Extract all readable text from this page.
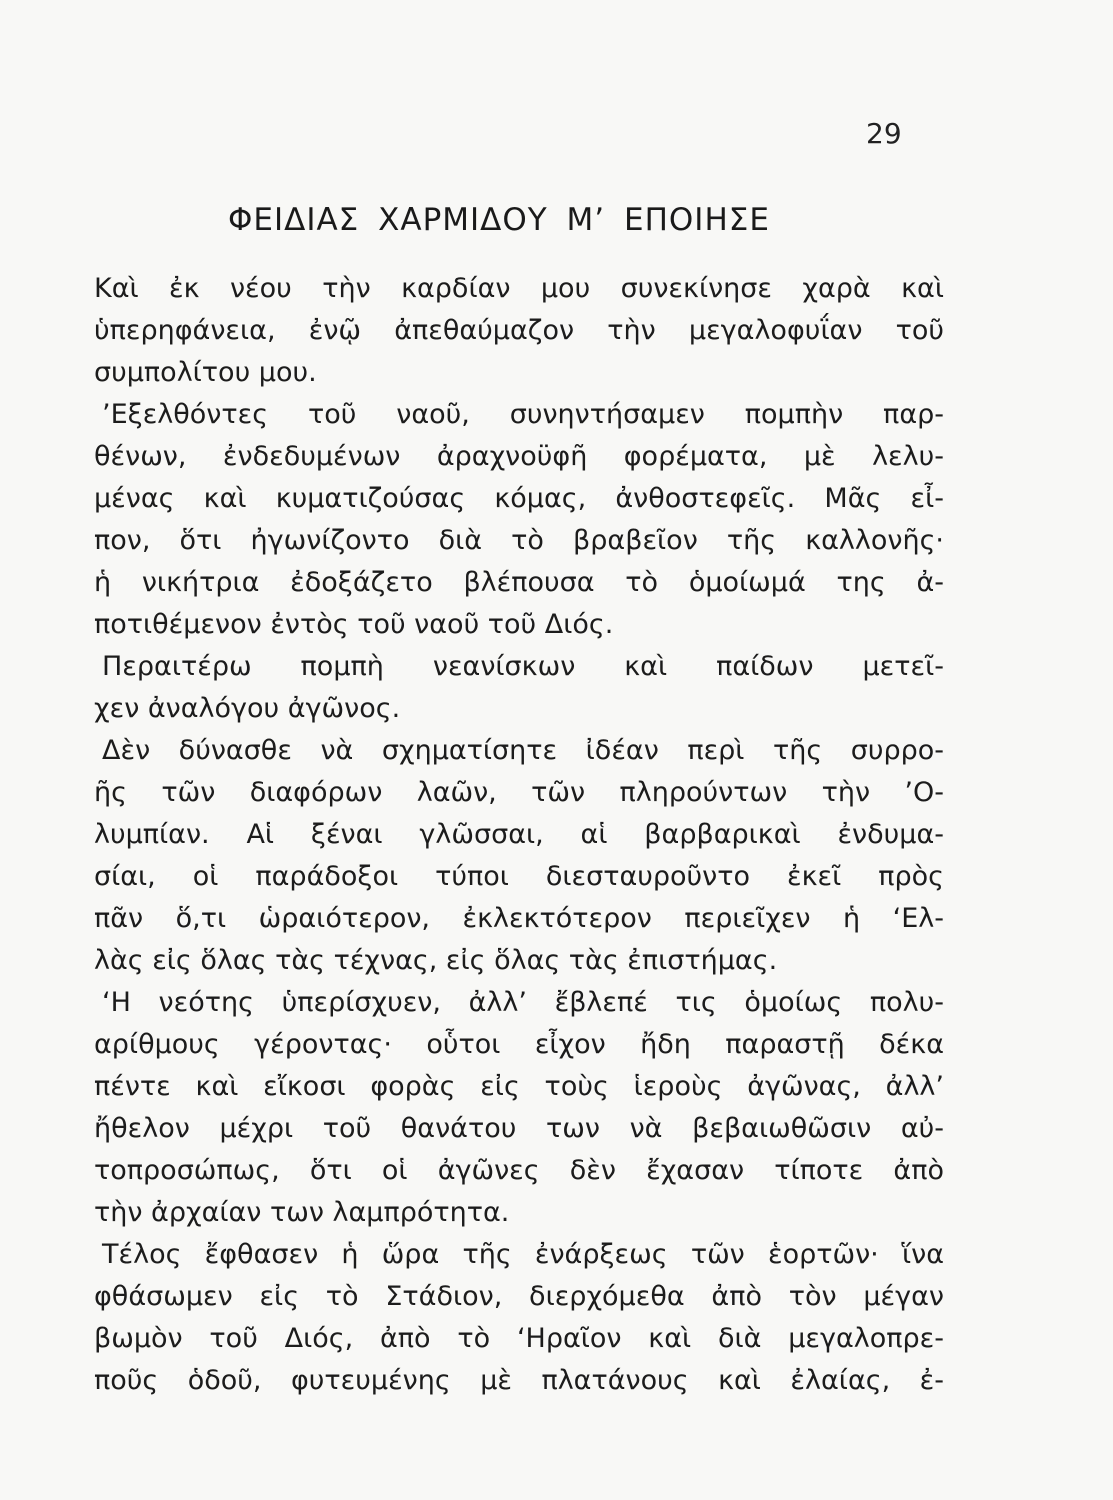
29
ΦΕΙΔΙΑΣ ΧΑΡΜΙΔΟΥ Μ’ ΕΠΟΙΗΣΕ
Καὶ ἐκ νέου τὴν καρδίαν μου συνεκίνησε χαρὰ καὶ
ὑπερηφάνεια, ἐνῷ ἀπεθαύμαζον τὴν μεγαλοφυΐαν τοῦ
συμπολίτου μου.
’Εξελθόντες τοῦ ναοῦ, συνηντήσαμεν πομπὴν παρ-
θένων, ἐνδεδυμένων ἀραχνοϋφῆ φορέματα, μὲ λελυ-
μένας καὶ κυματιζούσας κόμας, ἀνθοστεφεῖς. Μᾶς εἶ-
πον, ὅτι ἠγωνίζοντο διὰ τὸ βραβεῖον τῆς καλλονῆς·
ἡ νικήτρια ἐδοξάζετο βλέπουσα τὸ ὁμοίωμά της ἀ-
ποτιθέμενον ἐντὸς τοῦ ναοῦ τοῦ Διός.
Περαιτέρω πομπὴ νεανίσκων καὶ παίδων μετεῖ-
χεν ἀναλόγου ἀγῶνος.
Δὲν δύνασθε νὰ σχηματίσητε ἰδέαν περὶ τῆς συρρο-
ῆς τῶν διαφόρων λαῶν, τῶν πληρούντων τὴν ’Ο-
λυμπίαν. Αἱ ξέναι γλῶσσαι, αἱ βαρβαρικαὶ ἐνδυμα-
σίαι, οἱ παράδοξοι τύποι διεσταυροῦντο ἐκεῖ πρὸς
πᾶν ὅ,τι ὡραιότερον, ἐκλεκτότερον περιεῖχεν ἡ ‘Ελ-
λὰς εἰς ὅλας τὰς τέχνας, εἰς ὅλας τὰς ἐπιστήμας.
‘Η νεότης ὑπερίσχυεν, ἀλλ’ ἔβλεπέ τις ὁμοίως πολυ-
αρίθμους γέροντας· οὗτοι εἶχον ἤδη παραστῇ δέκα
πέντε καὶ εἴκοσι φορὰς εἰς τοὺς ἱεροὺς ἀγῶνας, ἀλλ’
ἤθελον μέχρι τοῦ θανάτου των νὰ βεβαιωθῶσιν αὐ-
τοπροσώπως, ὅτι οἱ ἀγῶνες δὲν ἔχασαν τίποτε ἀπὸ
τὴν ἀρχαίαν των λαμπρότητα.
Τέλος ἔφθασεν ἡ ὥρα τῆς ἐνάρξεως τῶν ἑορτῶν· ἵνα
φθάσωμεν εἰς τὸ Στάδιον, διερχόμεθα ἀπὸ τὸν μέγαν
βωμὸν τοῦ Διός, ἀπὸ τὸ ‘Ηραῖον καὶ διὰ μεγαλοπρε-
ποῦς ὁδοῦ, φυτευμένης μὲ πλατάνους καὶ ἐλαίας, ἐ-
